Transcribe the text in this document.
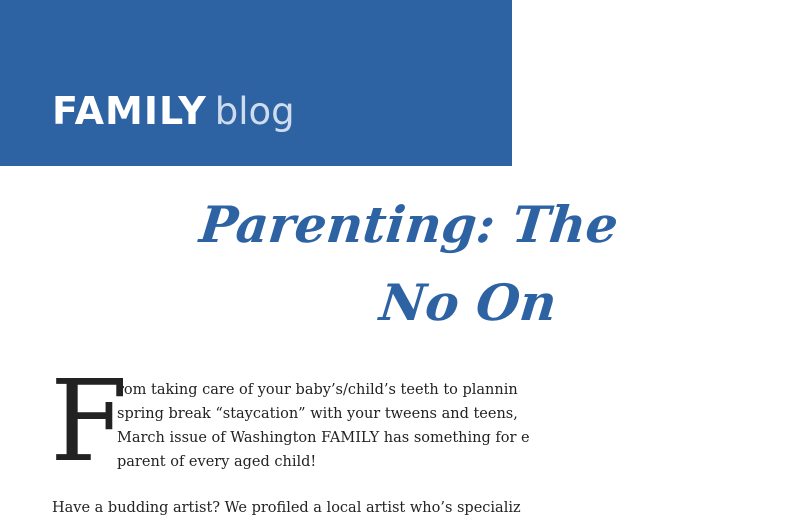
FAMILY blog
Parenting: The
No On
F
rom taking care of your baby’s/child’s teeth to plannin
spring break “staycation” with your tweens and teens,
March issue of Washington FAMILY has something for e
parent of every aged child!
Have a budding artist? We profiled a local artist who’s specializ
